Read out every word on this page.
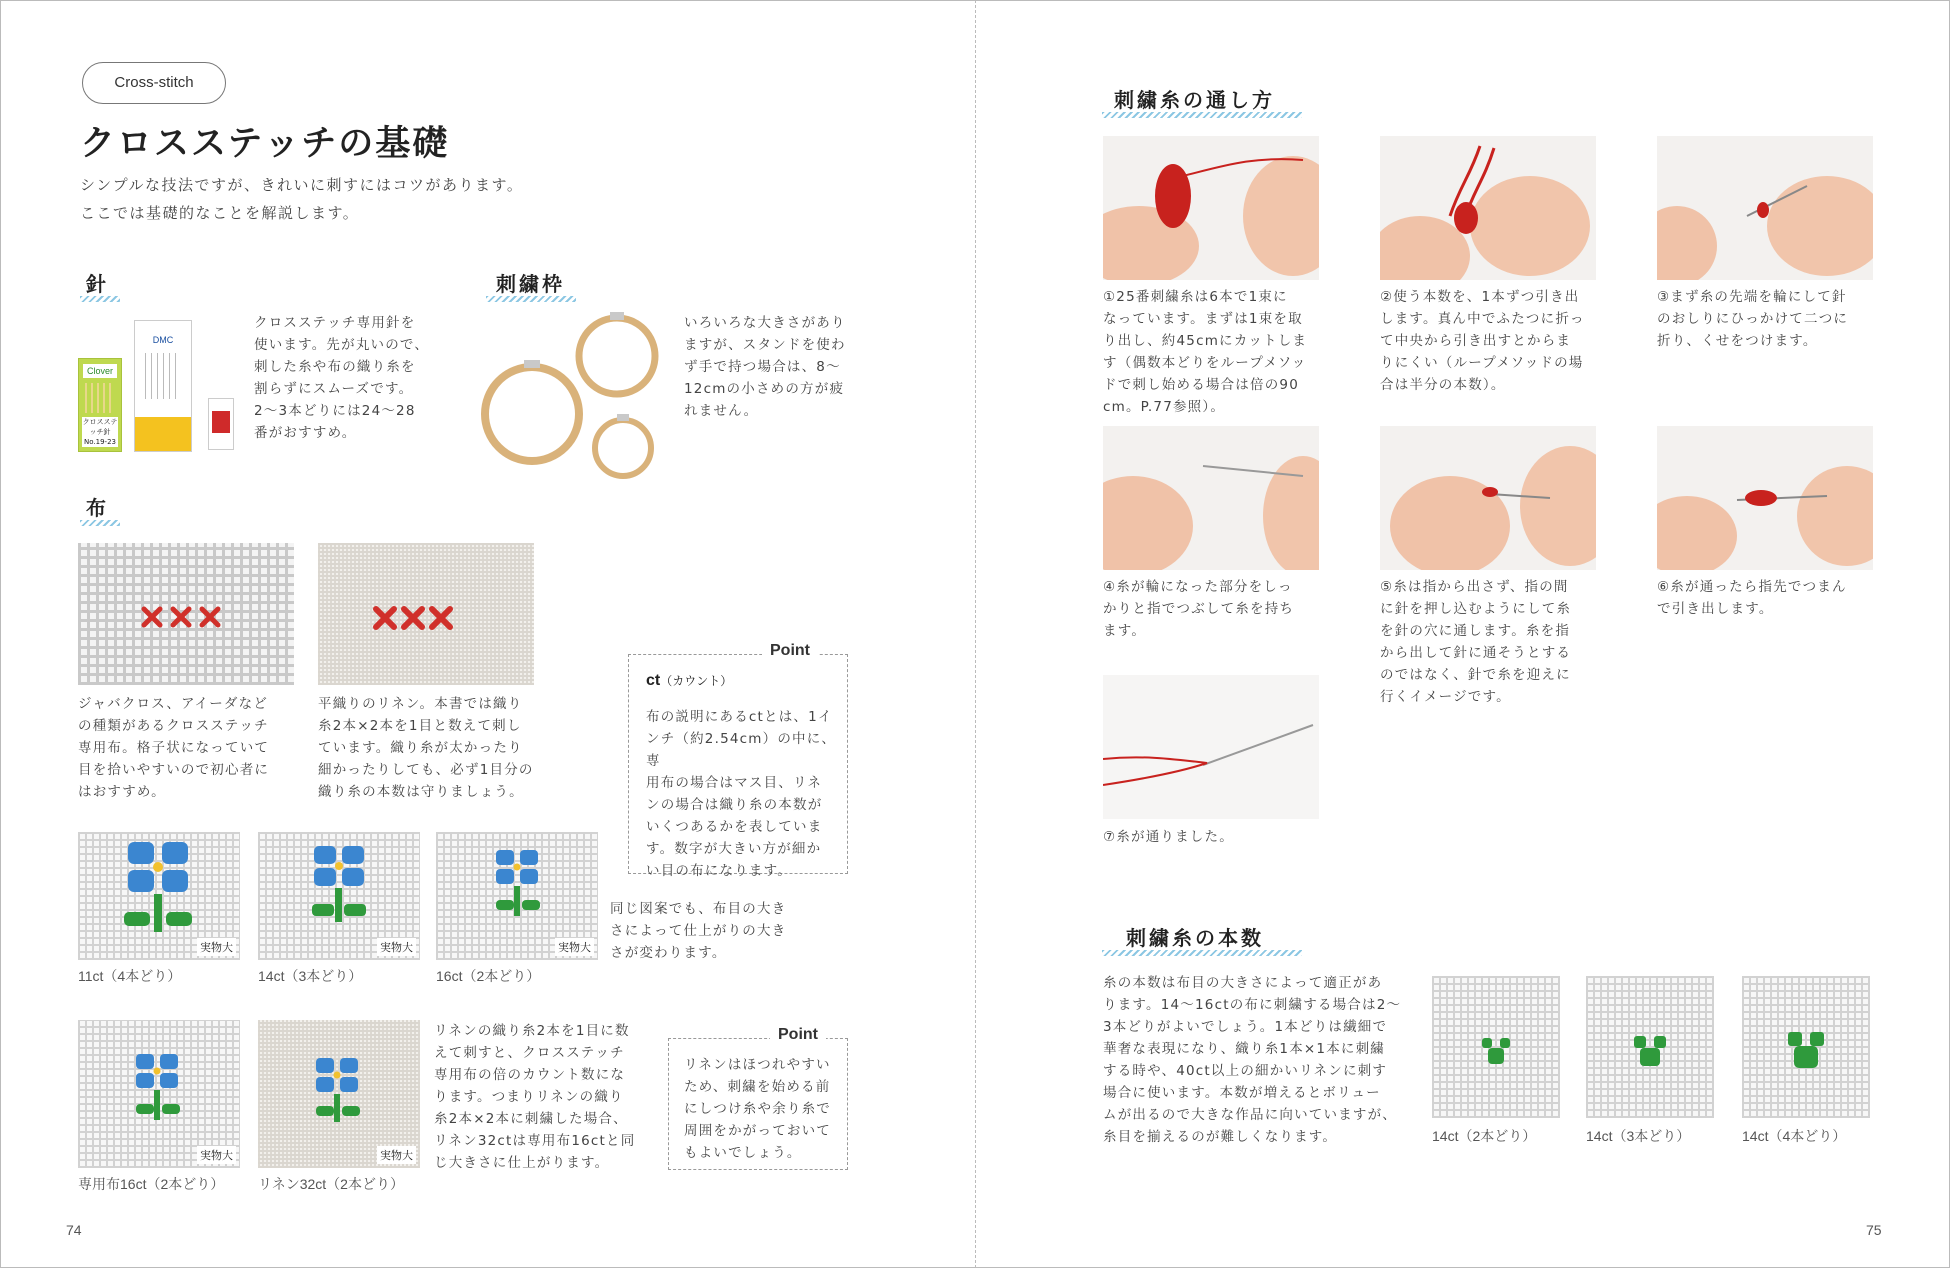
Cross-stitch
クロスステッチの基礎
シンプルな技法ですが、きれいに刺すにはコツがあります。
ここでは基礎的なことを解説します。
針
Clover
クロスステッチ針
No.19-23
DMC
クロスステッチ専用針を
使います。先が丸いので、
刺した糸や布の織り糸を
割らずにスムーズです。
2〜3本どりには24〜28
番がおすすめ。
刺繍枠
いろいろな大きさがあり
ますが、スタンドを使わ
ず手で持つ場合は、8〜
12cmの小さめの方が疲
れません。
布
ジャバクロス、アイーダなど
の種類があるクロスステッチ
専用布。格子状になっていて
目を拾いやすいので初心者に
はおすすめ。
平織りのリネン。本書では織り
糸2本×2本を1目と数えて刺し
ています。織り糸が太かったり
細かったりしても、必ず1目分の
織り糸の本数は守りましょう。
Point
ct（カウント）
布の説明にあるctとは、1イ
ンチ（約2.54cm）の中に、専
用布の場合はマス目、リネ
ンの場合は織り糸の本数が
いくつあるかを表していま
す。数字が大きい方が細か
い目の布になります。
実物大	実物大	実物大
11ct（4本どり）	14ct（3本どり）	16ct（2本どり）
同じ図案でも、布目の大き
さによって仕上がりの大き
さが変わります。
実物大	実物大
専用布16ct（2本どり） リネン32ct（2本どり）
リネンの織り糸2本を1目に数
えて刺すと、クロスステッチ
専用布の倍のカウント数にな
ります。つまりリネンの織り
糸2本×2本に刺繍した場合、
リネン32ctは専用布16ctと同
じ大きさに仕上がります。
Point
リネンはほつれやすい
ため、刺繍を始める前
にしつけ糸や余り糸で
周囲をかがっておいて
もよいでしょう。
74
刺繍糸の通し方
①25番刺繍糸は6本で1束に
なっています。まずは1束を取
り出し、約45cmにカットしま
す（偶数本どりをループメソッ
ドで刺し始める場合は倍の90
cm。P.77参照）。
②使う本数を、1本ずつ引き出
します。真ん中でふたつに折っ
て中央から引き出すとからま
りにくい（ループメソッドの場
合は半分の本数）。
③まず糸の先端を輪にして針
のおしりにひっかけて二つに
折り、くせをつけます。
④糸が輪になった部分をしっ
かりと指でつぶして糸を持ち
ます。
⑤糸は指から出さず、指の間
に針を押し込むようにして糸
を針の穴に通します。糸を指
から出して針に通そうとする
のではなく、針で糸を迎えに
行くイメージです。
⑥糸が通ったら指先でつまん
で引き出します。
⑦糸が通りました。
刺繍糸の本数
糸の本数は布目の大きさによって適正があ
ります。14〜16ctの布に刺繍する場合は2〜
3本どりがよいでしょう。1本どりは繊細で
華奢な表現になり、織り糸1本×1本に刺繍
する時や、40ct以上の細かいリネンに刺す
場合に使います。本数が増えるとボリュー
ムが出るので大きな作品に向いていますが、
糸目を揃えるのが難しくなります。	14ct（2本どり）	14ct（3本どり）	14ct（4本どり）
75
